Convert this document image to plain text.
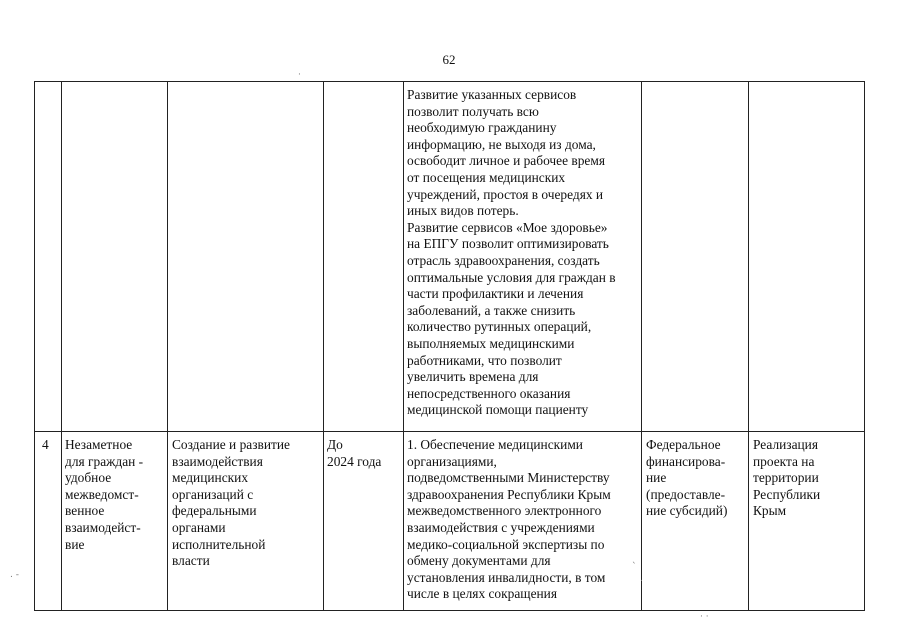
62
Развитие указанных сервисов
позволит получать всю
необходимую гражданину
информацию, не выходя из дома,
освободит личное и рабочее время
от посещения медицинских
учреждений, простоя в очередях и
иных видов потерь.
Развитие сервисов «Мое здоровье»
на ЕПГУ позволит оптимизировать
отрасль здравоохранения, создать
оптимальные условия для граждан в
части профилактики и лечения
заболеваний, а также снизить
количество рутинных операций,
выполняемых медицинскими
работниками, что позволит
увеличить времена для
непосредственного оказания
медицинской помощи пациенту
4	Незаметное
для граждан -
удобное
межведомст-
венное
взаимодейст-
вие
Создание и развитие
взаимодействия
медицинских
организаций с
федеральными
органами
исполнительной
власти
До
2024 года
1. Обеспечение медицинскими
организациями,
подведомственными Министерству
здравоохранения Республики Крым
межведомственного электронного
взаимодействия с учреждениями
медико-социальной экспертизы по
обмену документами для
установления инвалидности, в том
числе в целях сокращения
Федеральное
финансирова-
ние
(предоставле-
ние субсидий)
Реализация
проекта на
территории
Республики
Крым
·
`
.
. -
· ·
